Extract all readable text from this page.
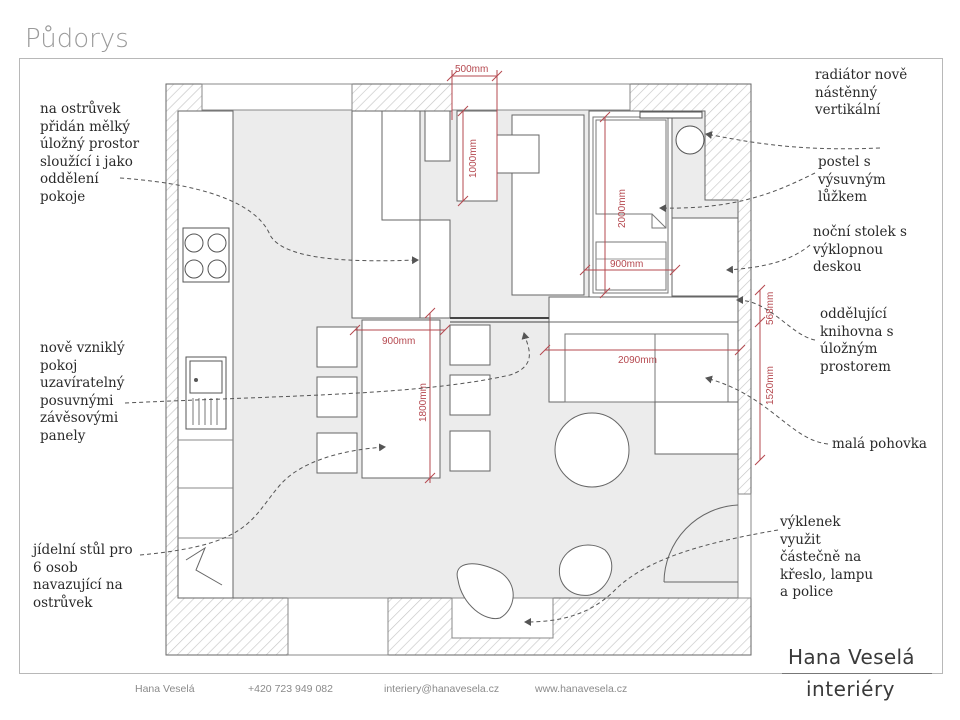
Půdorys
500mm
1000mm
2000mm
900mm
900mm
1800mm
2090mm
568mm
1520mm
na ostrůvek
přidán mělký
úložný prostor
sloužící i jako
oddělení
pokoje
nově vzniklý
pokoj
uzavíratelný
posuvnými
závěsovými
panely
jídelní stůl pro
6 osob
navazující na
ostrůvek
radiátor nově
nástěnný
vertikální
postel s
výsuvným
lůžkem
noční stolek s
výklopnou
deskou
oddělující
knihovna s
úložným
prostorem
malá pohovka
výklenek
využit
částečně na
křeslo, lampu
a police
Hana Veselá	+420 723 949 082	interiery@hanavesela.cz	www.hanavesela.cz
Hana Veselá
interiéry
